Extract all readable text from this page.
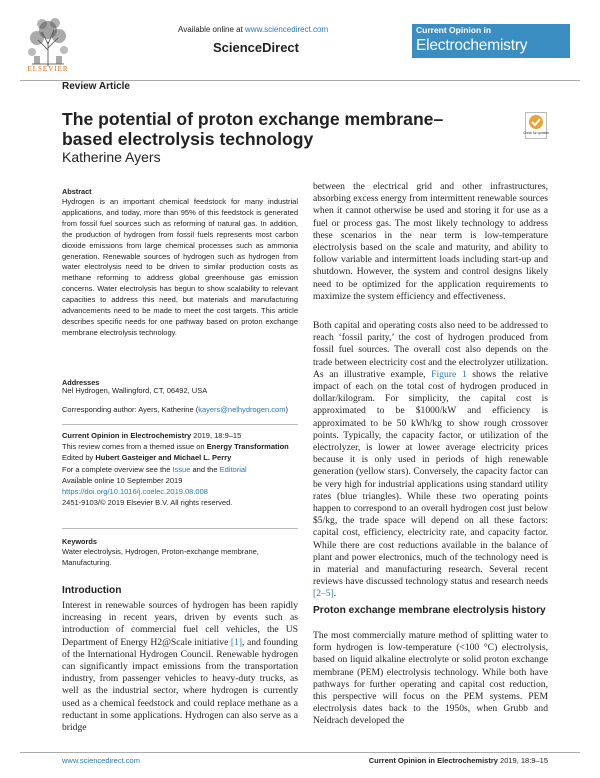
ELSEVIER
Available online at www.sciencedirect.com
ScienceDirect
Current Opinion in
Electrochemistry
Review Article
The potential of proton exchange membrane–based electrolysis technology
Katherine Ayers
Check for updates
Abstract
Hydrogen is an important chemical feedstock for many industrial applications, and today, more than 95% of this feedstock is generated from fossil fuel sources such as reforming of natural gas. In addition, the production of hydrogen from fossil fuels represents most carbon dioxide emissions from large chemical processes such as ammonia generation. Renewable sources of hydrogen such as hydrogen from water electrolysis need to be driven to similar production costs as methane reforming to address global greenhouse gas emission concerns. Water electrolysis has begun to show scalability to relevant capacities to address this need, but materials and manufacturing advancements need to be made to meet the cost targets. This article describes specific needs for one pathway based on proton exchange membrane electrolysis technology.
Addresses
Nel Hydrogen, Wallingford, CT, 06492, USA
Corresponding author: Ayers, Katherine (kayers@nelhydrogen.com)
Current Opinion in Electrochemistry 2019, 18:9–15
This review comes from a themed issue on Energy Transformation
Edited by Hubert Gasteiger and Michael L. Perry
For a complete overview see the Issue and the Editorial
Available online 10 September 2019
https://doi.org/10.1016/j.coelec.2019.08.008
2451-9103/© 2019 Elsevier B.V. All rights reserved.
Keywords
Water electrolysis, Hydrogen, Proton-exchange membrane, Manufacturing.
Introduction
Interest in renewable sources of hydrogen has been rapidly increasing in recent years, driven by events such as introduction of commercial fuel cell vehicles, the US Department of Energy H2@Scale initiative [1], and founding of the International Hydrogen Council. Renewable hydrogen can significantly impact emissions from the transportation industry, from passenger vehicles to heavy-duty trucks, as well as the industrial sector, where hydrogen is currently used as a chemical feedstock and could replace methane as a reductant in some applications. Hydrogen can also serve as a bridge
between the electrical grid and other infrastructures, absorbing excess energy from intermittent renewable sources when it cannot otherwise be used and storing it for use as a fuel or process gas. The most likely technology to address these scenarios in the near term is low-temperature electrolysis based on the scale and maturity, and ability to follow variable and intermittent loads including start-up and shutdown. However, the system and control designs likely need to be optimized for the application requirements to maximize the system efficiency and effectiveness.
Both capital and operating costs also need to be addressed to reach ‘fossil parity,’ the cost of hydrogen produced from fossil fuel sources. The overall cost also depends on the trade between electricity cost and the electrolyzer utilization. As an illustrative example, Figure 1 shows the relative impact of each on the total cost of hydrogen produced in dollar/kilogram. For simplicity, the capital cost is approximated to be $1000/kW and efficiency is approximated to be 50 kWh/kg to show rough crossover points. Typically, the capacity factor, or utilization of the electrolyzer, is lower at lower average electricity prices because it is only used in periods of high renewable generation (yellow stars). Conversely, the capacity factor can be very high for industrial applications using standard utility rates (blue triangles). While these two operating points happen to correspond to an overall hydrogen cost just below $5/kg, the trade space will depend on all these factors: capital cost, efficiency, electricity rate, and capacity factor. While there are cost reductions available in the balance of plant and power electronics, much of the technology need is in material and manufacturing research. Several recent reviews have discussed technology status and research needs [2–5].
Proton exchange membrane electrolysis history
The most commercially mature method of splitting water to form hydrogen is low-temperature (<100 °C) electrolysis, based on liquid alkaline electrolyte or solid proton exchange membrane (PEM) electrolysis technology. While both have pathways for further operating and capital cost reduction, this perspective will focus on the PEM systems. PEM electrolysis dates back to the 1950s, when Grubb and Neidrach developed the
www.sciencedirect.com	Current Opinion in Electrochemistry 2019, 18:9–15
